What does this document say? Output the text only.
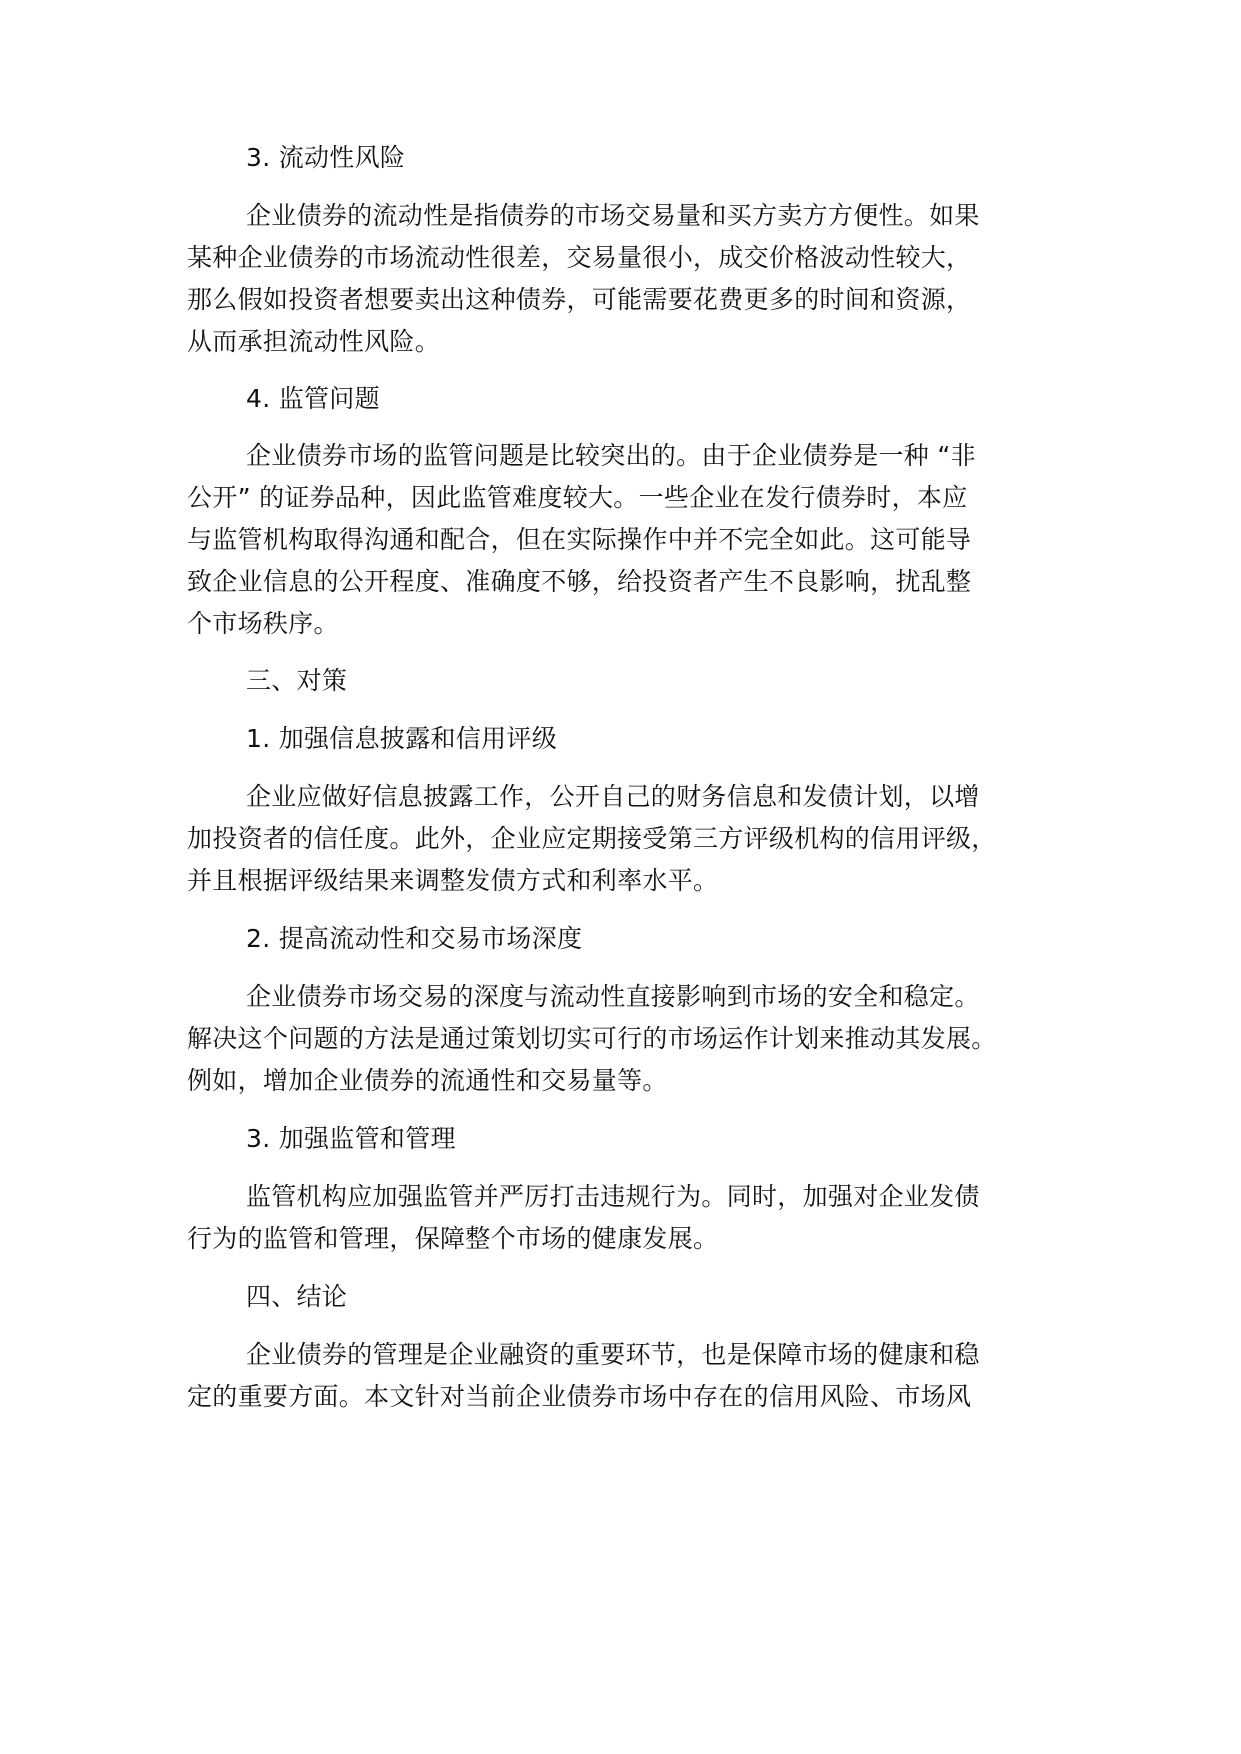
3. 流动性风险
企业债券的流动性是指债券的市场交易量和买方卖方方便性。如果
某种企业债券的市场流动性很差，交易量很小，成交价格波动性较大，
那么假如投资者想要卖出这种债券，可能需要花费更多的时间和资源，
从而承担流动性风险。
4. 监管问题
企业债券市场的监管问题是比较突出的。由于企业债券是一种 “非
公开” 的证券品种，因此监管难度较大。一些企业在发行债券时，本应
与监管机构取得沟通和配合，但在实际操作中并不完全如此。这可能导
致企业信息的公开程度、准确度不够，给投资者产生不良影响，扰乱整
个市场秩序。
三、对策
1. 加强信息披露和信用评级
企业应做好信息披露工作，公开自己的财务信息和发债计划，以增
加投资者的信任度。此外，企业应定期接受第三方评级机构的信用评级，
并且根据评级结果来调整发债方式和利率水平。
2. 提高流动性和交易市场深度
企业债券市场交易的深度与流动性直接影响到市场的安全和稳定。
解决这个问题的方法是通过策划切实可行的市场运作计划来推动其发展。
例如，增加企业债券的流通性和交易量等。
3. 加强监管和管理
监管机构应加强监管并严厉打击违规行为。同时，加强对企业发债
行为的监管和管理，保障整个市场的健康发展。
四、结论
企业债券的管理是企业融资的重要环节，也是保障市场的健康和稳
定的重要方面。本文针对当前企业债券市场中存在的信用风险、市场风
